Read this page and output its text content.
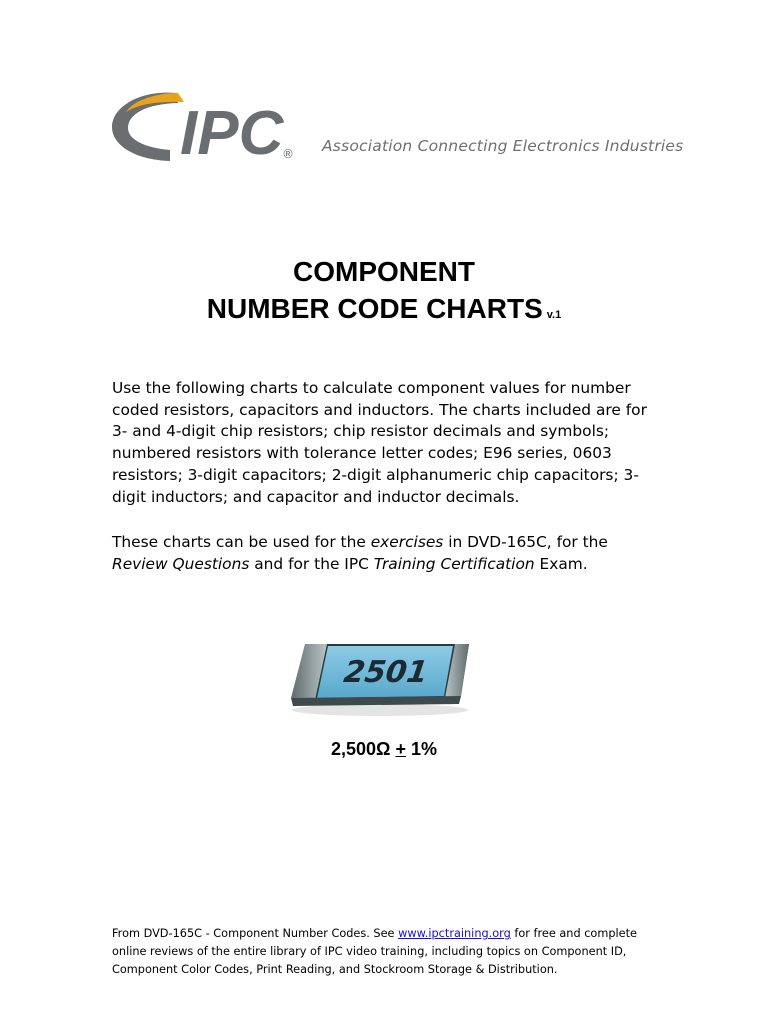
IPC
® Association Connecting Electronics Industries
COMPONENT
NUMBER CODE CHARTS v.1
Use the following charts to calculate component values for number
coded resistors, capacitors and inductors. The charts included are for
3- and 4-digit chip resistors; chip resistor decimals and symbols;
numbered resistors with tolerance letter codes; E96 series, 0603
resistors; 3-digit capacitors; 2-digit alphanumeric chip capacitors; 3-
digit inductors; and capacitor and inductor decimals.
These charts can be used for the exercises in DVD-165C, for the
Review Questions and for the IPC Training Certification Exam.
2501
2,500Ω + 1%
From DVD-165C - Component Number Codes. See www.ipctraining.org for free and complete
online reviews of the entire library of IPC video training, including topics on Component ID,
Component Color Codes, Print Reading, and Stockroom Storage & Distribution.
